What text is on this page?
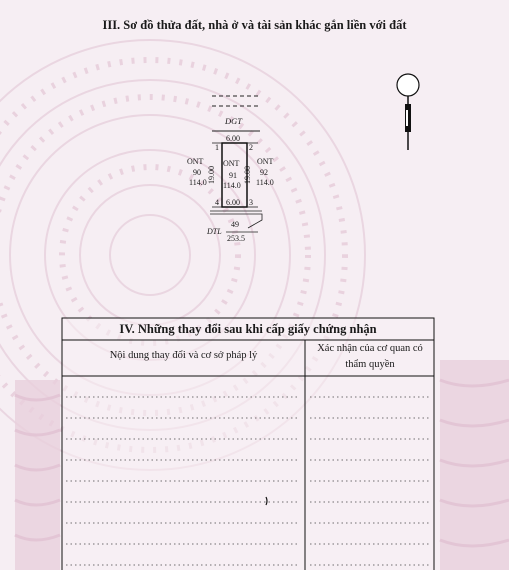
III. Sơ đồ thửa đất, nhà ở và tài sản khác gắn liền với đất
DGT
6.00
6.00
1	2
3
4
19.00	19.00
ONT
90
114.0
ONT
91
114.0
ONT
92
114.0
49
DTL
253.5
IV. Những thay đổi sau khi cấp giấy chứng nhận
Nội dung thay đổi và cơ sở pháp lý
Xác nhận của cơ quan có thẩm quyền
